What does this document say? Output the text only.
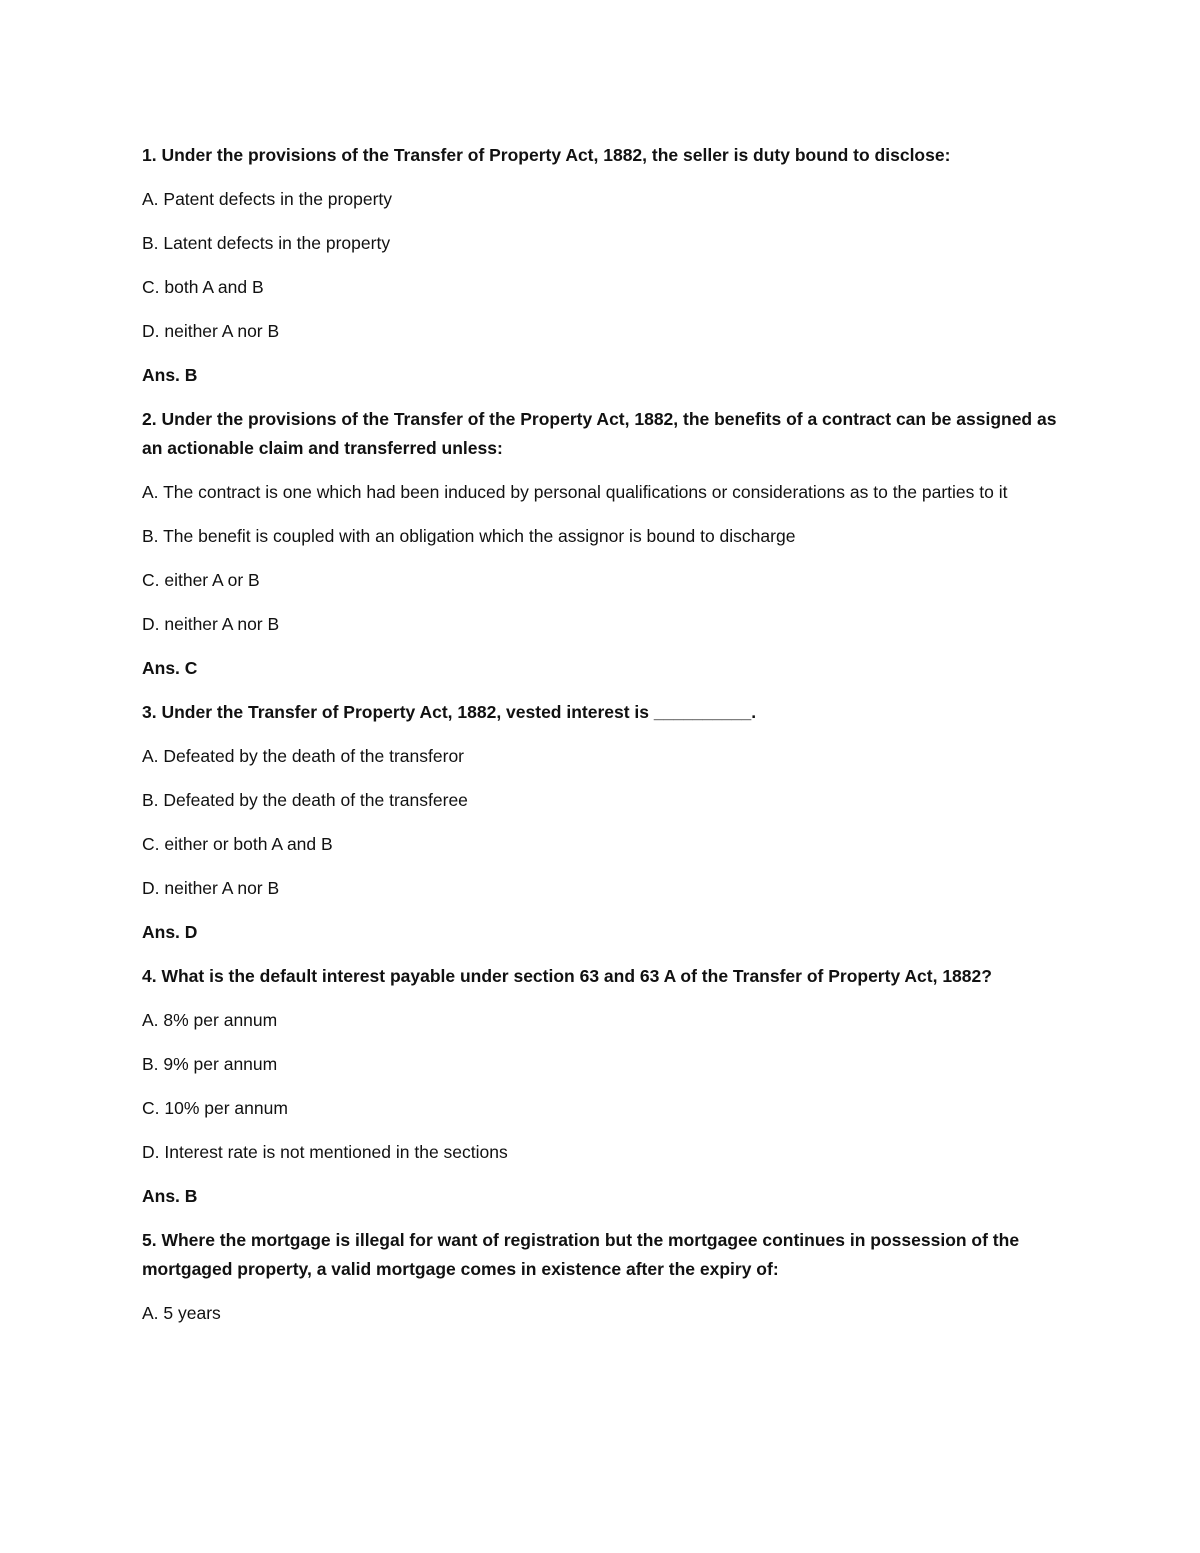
1. Under the provisions of the Transfer of Property Act, 1882, the seller is duty bound to disclose:

A. Patent defects in the property

B. Latent defects in the property

C. both A and B

D. neither A nor B

Ans. B

2. Under the provisions of the Transfer of the Property Act, 1882, the benefits of a contract can be assigned as an actionable claim and transferred unless:

A. The contract is one which had been induced by personal qualifications or considerations as to the parties to it

B. The benefit is coupled with an obligation which the assignor is bound to discharge

C. either A or B

D. neither A nor B

Ans. C

3. Under the Transfer of Property Act, 1882, vested interest is __________.

A. Defeated by the death of the transferor

B. Defeated by the death of the transferee

C. either or both A and B

D. neither A nor B

Ans. D

4. What is the default interest payable under section 63 and 63 A of the Transfer of Property Act, 1882?

A. 8% per annum

B. 9% per annum

C. 10% per annum

D. Interest rate is not mentioned in the sections

Ans. B

5. Where the mortgage is illegal for want of registration but the mortgagee continues in possession of the mortgaged property, a valid mortgage comes in existence after the expiry of:

A. 5 years
